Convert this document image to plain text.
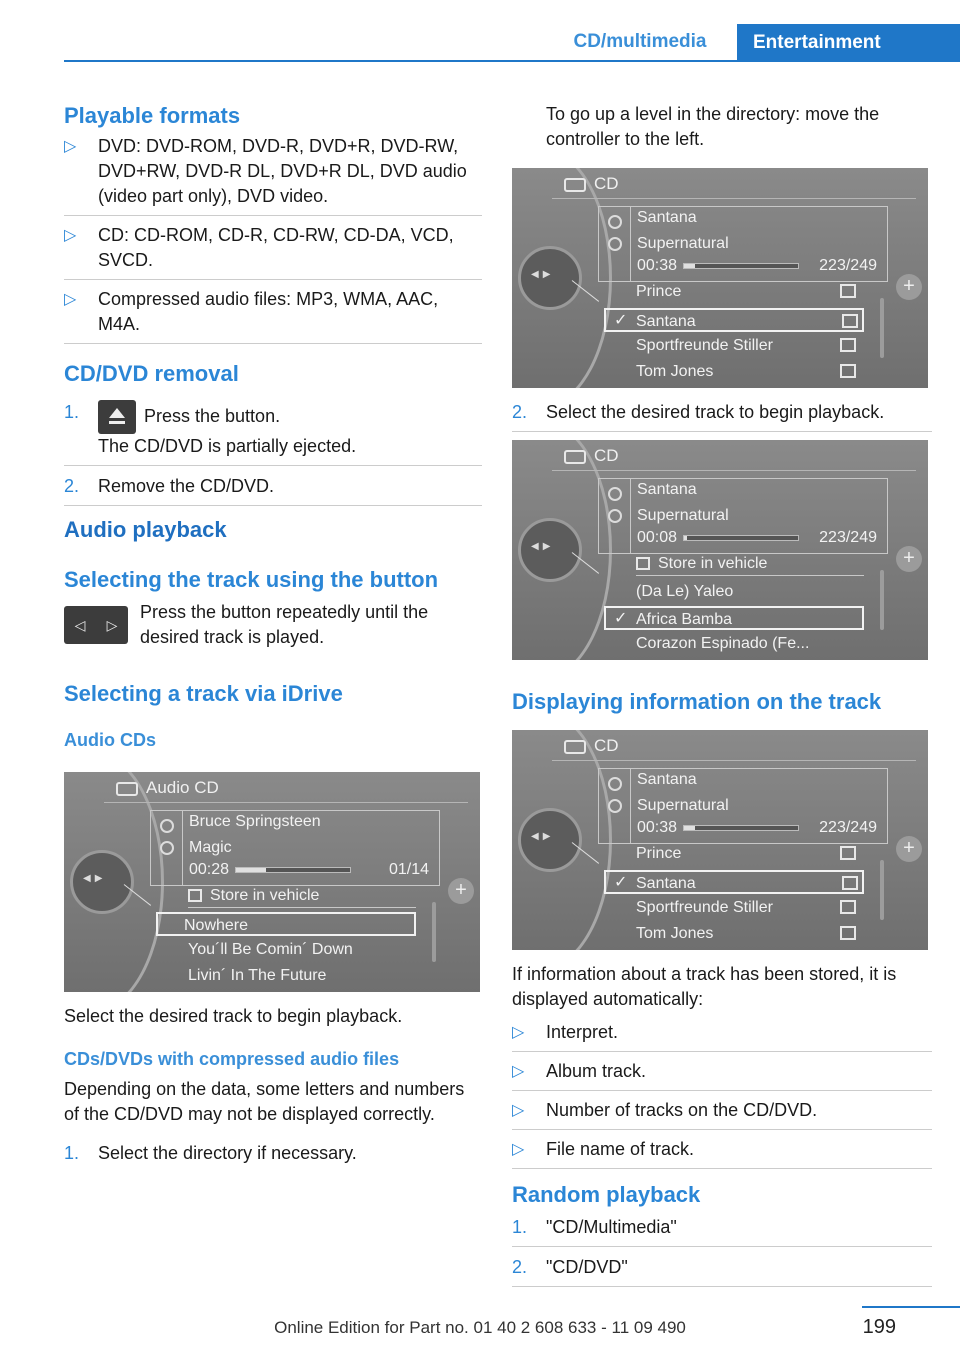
CD/multimedia	Entertainment
Playable formats
▷ DVD: DVD-ROM, DVD-R, DVD+R, DVD-RW, DVD+RW, DVD-R DL, DVD+R DL, DVD audio (video part only), DVD video.
▷ CD: CD-ROM, CD-R, CD-RW, CD-DA, VCD, SVCD.
▷ Compressed audio files: MP3, WMA, AAC, M4A.
CD/DVD removal
1.	Press the button.
The CD/DVD is partially ejected.
2. Remove the CD/DVD.
Audio playback
Selecting the track using the button
◁ ▷

Press the button repeatedly until the desired track is played.

Selecting a track via iDrive
Audio CDs
Audio CD
Bruce Springsteen
Magic
00:28	01/14
◀▶
+
Store in vehicle
Nowhere
You´ll Be Comin´ Down
Livin´ In The Future

Select the desired track to begin playback.

CDs/DVDs with compressed audio files

Depending on the data, some letters and numbers of the CD/DVD may not be displayed correctly.

1. Select the directory if necessary.

To go up a level in the directory: move the controller to the left.

CD
Santana
Supernatural
00:38	223/249
◀▶
+
Prince
✓ Santana
Sportfreunde Stiller
Tom Jones
2. Select the desired track to begin playback.
CD
Santana
Supernatural
00:08	223/249
◀▶
+
Store in vehicle
(Da Le) Yaleo
✓ Africa Bamba
Corazon Espinado (Fe...
Displaying information on the track
CD
Santana
Supernatural
00:38	223/249
◀▶
+
Prince
✓ Santana
Sportfreunde Stiller
Tom Jones

If information about a track has been stored, it is displayed automatically:

▷ Interpret.
▷ Album track.
▷ Number of tracks on the CD/DVD.
▷ File name of track.
Random playback
1. "CD/Multimedia"
2. "CD/DVD"
199
Online Edition for Part no. 01 40 2 608 633 - 11 09 490
